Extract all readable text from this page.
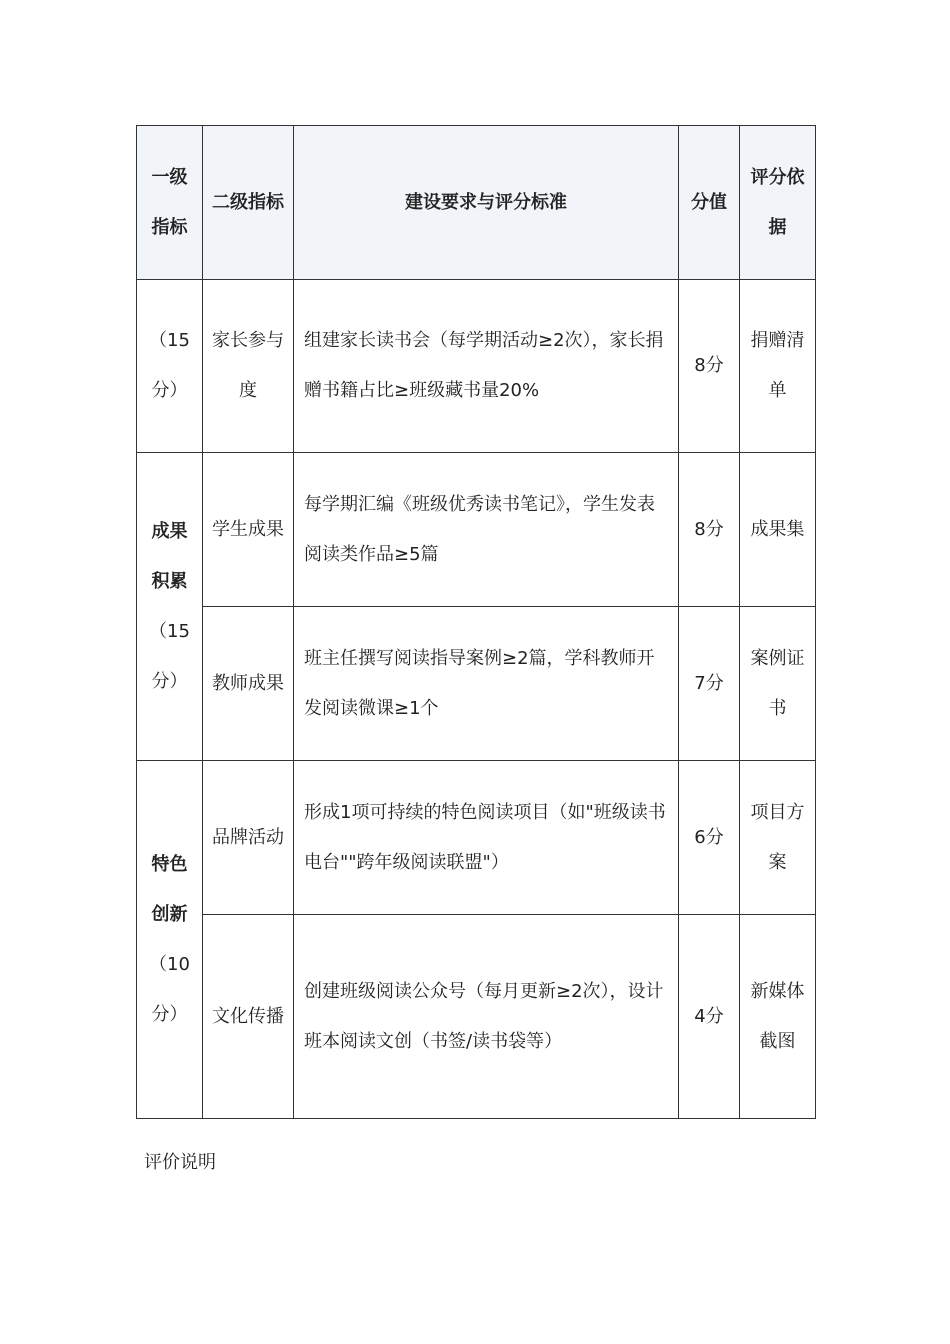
一级指标	二级指标	建设要求与评分标准	分值	评分依据

（15分）	家长参与度	组建家长读书会（每学期活动≥2次），家长捐赠书籍占比≥班级藏书量20%	8分	捐赠清单

成果积累
（15分）	学生成果	每学期汇编《班级优秀读书笔记》，学生发表阅读类作品≥5篇	8分	成果集
	教师成果	班主任撰写阅读指导案例≥2篇，学科教师开发阅读微课≥1个	7分	案例证书

特色创新
（10分）	品牌活动	形成1项可持续的特色阅读项目（如"班级读书电台""跨年级阅读联盟"）	6分	项目方案
	文化传播	创建班级阅读公众号（每月更新≥2次），设计班本阅读文创（书签/读书袋等）	4分	新媒体截图
评价说明
